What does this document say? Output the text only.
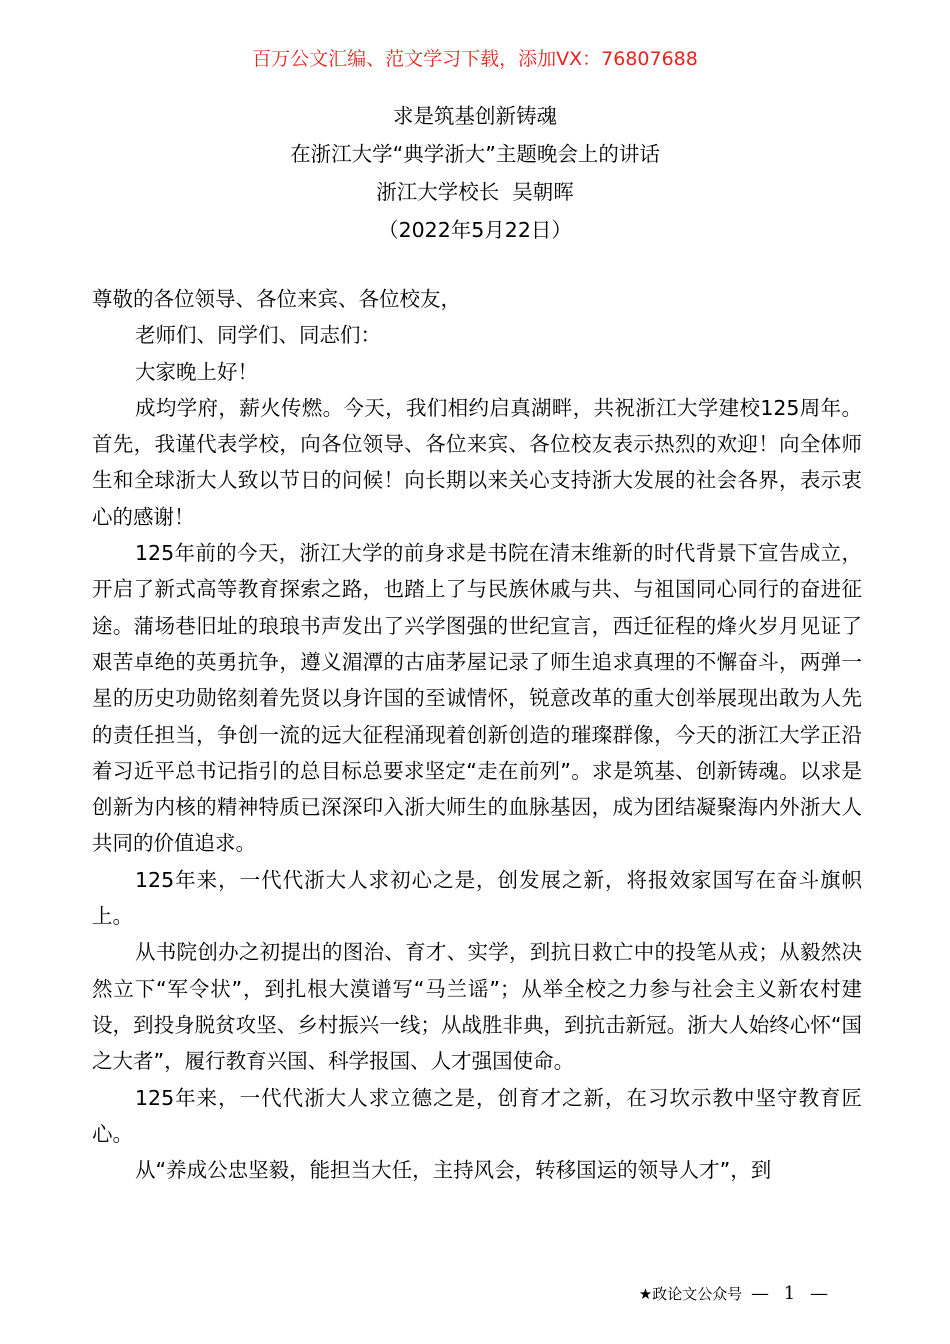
百万公文汇编、范文学习下载，添加VX：76807688
求是筑基创新铸魂
在浙江大学“典学浙大”主题晚会上的讲话
浙江大学校长  吴朝晖
（2022年5月22日）

尊敬的各位领导、各位来宾、各位校友，

老师们、同学们、同志们：

大家晚上好！

成均学府，薪火传燃。今天，我们相约启真湖畔，共祝浙江大学建校125周年。首先，我谨代表学校，向各位领导、各位来宾、各位校友表示热烈的欢迎！向全体师生和全球浙大人致以节日的问候！向长期以来关心支持浙大发展的社会各界，表示衷心的感谢！

125年前的今天，浙江大学的前身求是书院在清末维新的时代背景下宣告成立，开启了新式高等教育探索之路，也踏上了与民族休戚与共、与祖国同心同行的奋进征途。蒲场巷旧址的琅琅书声发出了兴学图强的世纪宣言，西迁征程的烽火岁月见证了艰苦卓绝的英勇抗争，遵义湄潭的古庙茅屋记录了师生追求真理的不懈奋斗，两弹一星的历史功勋铭刻着先贤以身许国的至诚情怀，锐意改革的重大创举展现出敢为人先的责任担当，争创一流的远大征程涌现着创新创造的璀璨群像，今天的浙江大学正沿着习近平总书记指引的总目标总要求坚定“走在前列”。求是筑基、创新铸魂。以求是创新为内核的精神特质已深深印入浙大师生的血脉基因，成为团结凝聚海内外浙大人共同的价值追求。

125年来，一代代浙大人求初心之是，创发展之新，将报效家国写在奋斗旗帜上。

从书院创办之初提出的图治、育才、实学，到抗日救亡中的投笔从戎；从毅然决然立下“军令状”，到扎根大漠谱写“马兰谣”；从举全校之力参与社会主义新农村建设，到投身脱贫攻坚、乡村振兴一线；从战胜非典，到抗击新冠。浙大人始终心怀“国之大者”，履行教育兴国、科学报国、人才强国使命。

125年来，一代代浙大人求立德之是，创育才之新，在习坎示教中坚守教育匠心。

从“养成公忠坚毅，能担当大任，主持风会，转移国运的领导人才”，到

★政论文公众号 — 1 —
